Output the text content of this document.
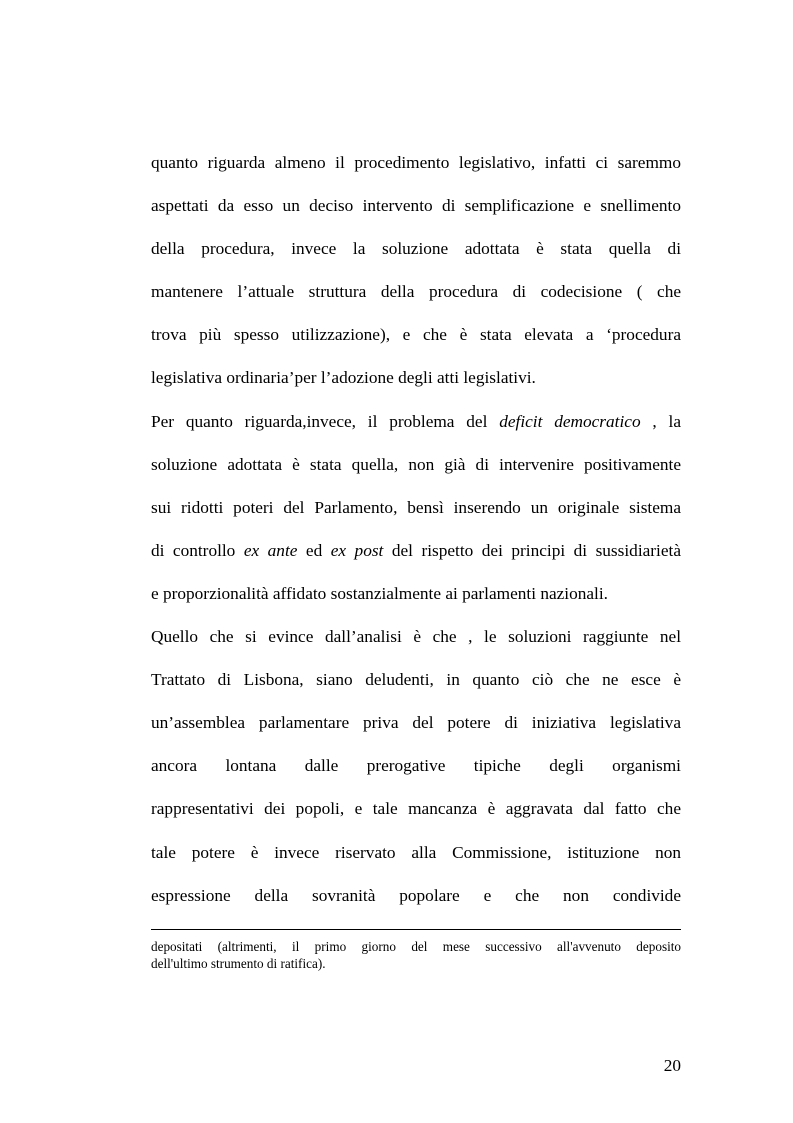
quanto riguarda almeno il procedimento legislativo, infatti ci saremmo
aspettati da esso un deciso intervento di semplificazione e snellimento
della procedura, invece la soluzione adottata è stata quella di
mantenere l’attuale struttura della procedura di codecisione ( che
trova più spesso utilizzazione), e che è stata elevata a ‘procedura
legislativa ordinaria’per l’adozione degli atti legislativi.
Per quanto riguarda,invece, il problema del deficit democratico , la
soluzione adottata è stata quella, non già di intervenire positivamente
sui ridotti poteri del Parlamento, bensì inserendo un originale sistema
di controllo ex ante ed ex post del rispetto dei principi di sussidiarietà
e proporzionalità affidato sostanzialmente ai parlamenti nazionali.
Quello che si evince dall’analisi è che , le soluzioni raggiunte nel
Trattato di Lisbona, siano deludenti, in quanto ciò che ne esce è
un’assemblea parlamentare priva del potere di iniziativa legislativa
ancora lontana dalle prerogative tipiche degli organismi
rappresentativi dei popoli, e tale mancanza è aggravata dal fatto che
tale potere è invece riservato alla Commissione, istituzione non
espressione della sovranità popolare e che non condivide
depositati (altrimenti, il primo giorno del mese successivo all'avvenuto deposito
dell'ultimo strumento di ratifica).
20
